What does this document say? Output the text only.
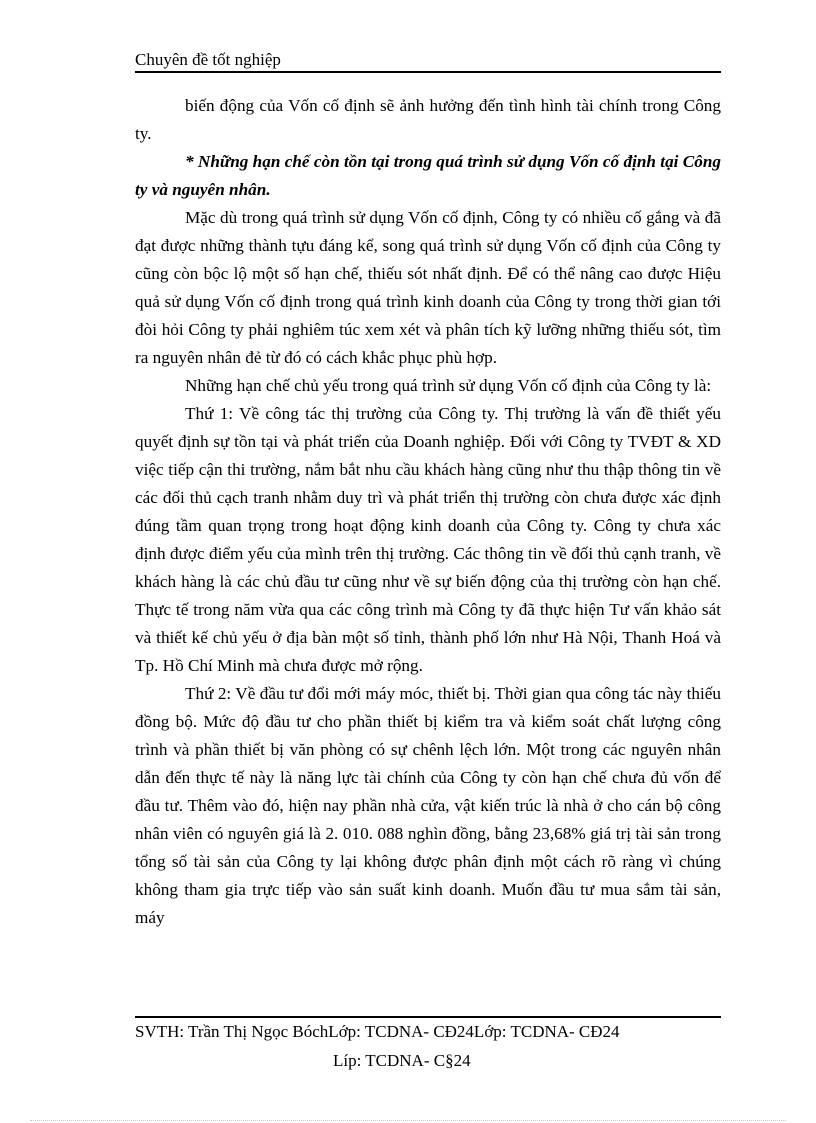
Chuyên đề tốt nghiệp

biến động của Vốn cố định sẽ ảnh hưởng đến tình hình tài chính trong Công ty.

* Những hạn chế còn tồn tại trong quá trình sử dụng Vốn cố định tại Công ty và nguyên nhân.

Mặc dù trong quá trình sử dụng Vốn cố định, Công ty có nhiều cố gắng và đã đạt được những thành tựu đáng kể, song quá trình sử dụng Vốn cố định của Công ty cũng còn bộc lộ một số hạn chế, thiếu sót nhất định. Để có thể nâng cao được Hiệu quả sử dụng Vốn cố định trong quá trình kinh doanh của Công ty trong thời gian tới đòi hỏi Công ty phải nghiêm túc xem xét và phân tích kỹ lưỡng những thiếu sót, tìm ra nguyên nhân đẻ từ đó có cách khắc phục phù hợp.

Những hạn chế chủ yếu trong quá trình sử dụng Vốn cố định của Công ty là:

Thứ 1: Về công tác thị trường của Công ty. Thị trường là vấn đề thiết yếu quyết định sự tồn tại và phát triển của Doanh nghiệp. Đối với Công ty TVĐT & XD việc tiếp cận thi trường, nắm bắt nhu cầu khách hàng cũng như thu thập thông tin về các đối thủ cạch tranh nhằm duy trì và phát triển thị trường còn chưa được xác định đúng tầm quan trọng trong hoạt động kinh doanh của Công ty. Công ty chưa xác định được điểm yếu của mình trên thị trường. Các thông tin về đối thủ cạnh tranh, về khách hàng là các chủ đầu tư cũng như về sự biến động của thị trường còn hạn chế. Thực tế trong năm vừa qua các công trình mà Công ty đã thực hiện Tư vấn khảo sát và thiết kế chủ yếu ở địa bàn một số tỉnh, thành phố lớn như Hà Nội, Thanh Hoá và Tp. Hồ Chí Minh mà chưa được mở rộng.

Thứ 2: Về đầu tư đổi mới máy móc, thiết bị. Thời gian qua công tác này thiếu đồng bộ. Mức độ đầu tư cho phần thiết bị kiểm tra và kiểm soát chất lượng công trình và phần thiết bị văn phòng có sự chênh lệch lớn. Một trong các nguyên nhân dẫn đến thực tế này là năng lực tài chính của Công ty còn hạn chế chưa đủ vốn để đầu tư. Thêm vào đó, hiện nay phần nhà cửa, vật kiến trúc là nhà ở cho cán bộ công nhân viên có nguyên giá là 2. 010. 088 nghìn đồng, bằng 23,68% giá trị tài sản trong tổng số tài sản của Công ty lại không được phân định một cách rõ ràng vì chúng không tham gia trực tiếp vào sản suất kinh doanh. Muốn đầu tư mua sắm tài sản, máy

SVTH: Trần Thị Ngọc BóchLớp: TCDNA- CĐ24Lớp: TCDNA- CĐ24
Líp: TCDNA- C§24
